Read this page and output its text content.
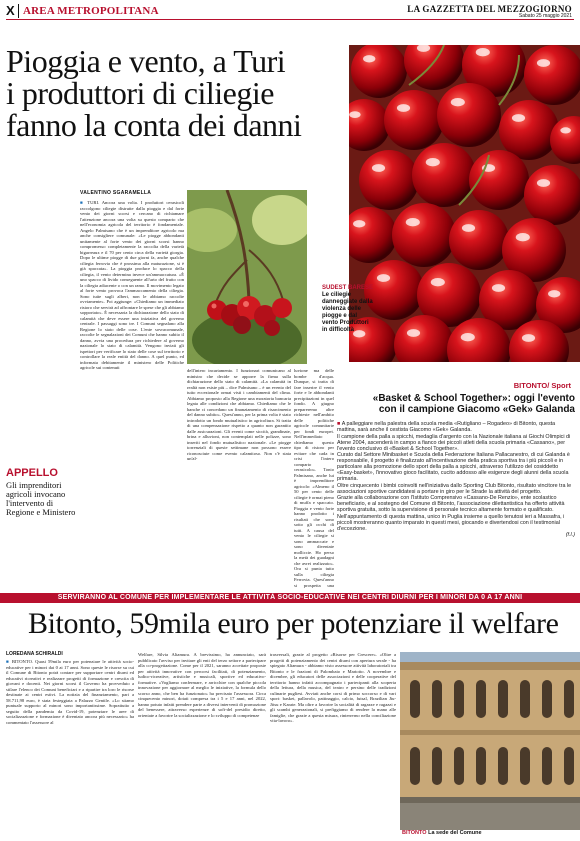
X AREA METROPOLITANA	LA GAZZETTA DEL MEZZOGIORNO
Sabato 25 maggio 2021
Pioggia e vento, a Turi
i produttori di ciliegie
fanno la conta dei danni
SUDEST BARESE
Le ciliegie danneggiate dalla violenza delle piogge e dal vento Produttori in difficoltà
VALENTINO SGARAMELLA
■ TURI. Ancora una volta. I produttori cerasicoli raccolgono ciliegie distrutte dalla pioggia e dal forte vento dei giorni scorsi e cercano di richiamare l'attenzione ancora una volta su questo comparto che nell'economia agricola del territorio è fondamentale. Angelo Palmisano che è un imprenditore agricolo ma anche consigliere comunale: «Le piogge abbondanti unitamente al forte vento dei giorni scorsi hanno compromesso completamente la raccolta della varietà bigarreaux e il 70 per cento circa della varietà giorgia. Dopo le ultime piogge di due giorni fa, anche qualche ciliegia ferrovia che è prossima alla maturazione, si è già spaccata». La pioggia produce lo spacco della ciliegia, il vento determina invece un'ammaccatura. «È uno spacco di livido conseguente all'urto del frutto con la ciliegia adiacente o con un ramo. Il movimento legato al forte vento provoca l'ammaccamento della ciliegia. Sono tutte sugli alberi, non le abbiamo raccolte ovviamente». Poi aggiunge: «Chiediamo un immediato ristoro che servirà ad affrontare le spese che gli abbiamo sopportato». È necessaria la dichiarazione dello stato di calamità che deve essere una iniziativa del governo centrale. I passaggi sono tre. I Comuni segnalano alla Regione lo stato delle cose. L'ente sovracomunale, raccolte le segnalazioni dei Comuni che hanno subito il danno, avvia una procedura per richiedere al governo nazionale lo stato di calamità. Vengono inviati gli ispettori per verificare lo stato delle cose sul territorio e controllare la reale entità del danno. A quel punto, ed informata debitamente il ministero delle Politiche agricole sui contenuti
dell'intero incartamento. I funzionari comunicano al ministro che decide se apporre la firma sulla dichiarazione dello stato di calamità. «La calamità in realtà non esiste più – dice Palmisano – è un evento del tutto eccezionale ormai visti i cambiamenti del clima. Abbiamo proposto alla Regione una moratoria bancaria legata alle condizioni che abbiamo. Chiediamo che le banche ci concedano un finanziamento di risarcimento del danno subito». Quest'anno, per la prima volta è stato introdotto un fondo mutualistico in agricoltura. Si tratta di una compensazione rispetto a quanto non garantito dalle assicurazioni. Gli eventi come siccità, grandinate, brina e alluvioni, non contemplati nelle polizze, sono inseriti nel fondo mutualistico nazionale. «Le piogge torrenziali di queste settimane non possono essere riconosciute come evento calamitoso. Non c'è stata un'al-
luvione ma delle bombe d'acqua. Dunque, si tratta di fare inserire il vento forte e le abbondanti precipitazioni in quel fondo. A giugno prepareremo altre richieste nell'ambito delle politiche agricole comunitarie per fondi europei. Nell'immediato chiediamo questo tipo di ristoro per evitare che cada in crisi l'intero comparto cerasicolo». Tonio Palmisano, anche lui è imprenditore agricolo: «Almeno il 50 per cento delle ciliegie è ormai pieno di muffa e spaccato. Pioggia e vento forte hanno prodotto i risultati che sono sotto gli occhi di tutti. A causa del vento le ciliegie si sono ammaccate e sono diventate molliccie. Ho perso la metà dei guadagni che avrei realizzato». Ora si punta tutto sulla ciliegia Ferrovia. Quest'anno si prospetta una
APPELLO
Gli imprenditori agricoli invocano l'intervento di Regione e Ministero
BITONTO/ Sport
«Basket & School Together»: oggi l'evento
con il campione Giacomo «Gek» Galanda

■ A palleggiare nella palestra della scuola media «Rutigliano – Rogadeo» di Bitonto, questa mattina, sarà anche il cestista Giacomo «Gek» Galanda.

Il campione della palla a spicchi, medaglia d'argento con la Nazionale italiana ai Giochi Olimpici di Atene 2004, ascenderà in campo a fianco dei piccoli atleti della scuola primaria «Cassano», per l'evento conclusivo di «Basket & School Together».

Curato dal Settore Minibasket e Scuola della Federazione Italiana Pallacanestro, di cui Galanda è responsabile, il progetto è finalizzato all'incentivazione della pratica sportiva tra i più piccoli e in particolare alla promozione dello sport della palla a spicchi, attraverso l'utilizzo del cosiddetto «Easy-basket», l'innovativo gioco facilitato, cucito addosso alle esigenze degli alunni della scuola primaria.

Oltre cinquecento i bimbi coinvolti nell'iniziativa dallo Sporting Club Bitonto, risultato vincitore tra le associazioni sportive candidatesi a portare in giro per le Strade la attività del progetto.

Grazie alla collaborazione con l'Istituto Comprensivo «Cassano-De Renzio», ente scolastico beneficiario, e al sostegno del Comune di Bitonto, l'associazione dilettantistica ha offerto attività sportiva gratuita, sotto la supervisione di personale tecnico altamente formato e qualificato.

Nell'appuntamento di questa mattina, unico in Puglia insieme a quello tenutosi ieri a Massafra, i piccoli mostreranno quanto imparato in questi mesi, giocando e divertendosi con il testimonial d'eccezione.

(f.l.)

SERVIRANNO AL COMUNE PER IMPLEMENTARE LE ATTIVITÀ SOCIO-EDUCATIVE NEI CENTRI DIURNI PER I MINORI DA 0 A 17 ANNI
Bitonto, 59mila euro per potenziare il welfare
LOREDANA SCHIRALDI
■ BITONTO. Quasi 59mila euro per potenziare le attività socio-educative per i minori dai 0 ai 17 anni. Sono queste le risorse su cui il Comune di Bitonto potrà contare per supportare centri diurni ed educativi ricreativi e realizzare progetti di formazione e crescita di giovani e docenti. Nei giorni scorsi il Governo ha provveduto a stilare l'elenco dei Comuni beneficiari e a ripartire tra loro le risorse destinate ai centri estivi. La notizia del finanziamento, pari a 58.711,98 euro, è stata festeggiata a Palazzo Gentile. «Lo stiamo puntuale supporto al minori sono importantissime. Soprattutto a seguito della pandemia da Covid-19, potenziare le aree di socializzazione e formazione è diventato ancora più necessario» ha commentato l'assessore al
Welfare, Silvia Altamura. A brevissimo, ha annunciato, sarà pubblicato l'avviso per invitare gli enti del terzo settore a partecipare alla co-progettazione. Come per il 2021, saranno accettate proposte per attività innovative con percorsi facilitati, di potenziamento, ludico-ricreative, artistiche e musicali, sportive ed educativo-formative. «Vogliamo confermare, e arricchire con qualche piccola innovazione per aggiornare al meglio le iniziative, la formula dello scorso anno, che ben ha funzionato» ha precisato l'assessora. Circa cinquecento minori, dotati compresa tra i 5 e 17 anni, nel 2022, hanno potuto infatti prendere parte a diversi interventi di promozione del benessere, attraverso esperienze di soft-del presidio diretto, orientate a favorire la socializzazione e lo sviluppo di competenze
trasversali, grazie al progetto «Risorse per Crescere». «Oltre a progetti di potenziamento dei centri diurni con apertura serale - ha spiegato Altamura - abbiamo visto assessore attività laboratoriali tra Bitonto e le frazioni di Palombaio e Mariotto. A novembre e dicembre, gli educatori delle associazioni e delle cooperative del territorio hanno infatti accompagnato i partecipanti alla scoperta della lettura, della musica, del teatro e persino delle tradizioni culinarie pugliesi. Avviati anche corsi di primo soccorso e di vari sport: basket, pallavolo, pattinaggio, calcio, futsal, Brazilian Jiu-Jitsu e Karate. Ma oltre a favorire la socialità di ragazze e ragazzi e gli scambi generazionali, si prefiggiamo di rendere la mano alle famiglie, che grazie a questa misura, rinterrerno nella conciliazione vita-lavoro».
BITONTO La sede del Comune
